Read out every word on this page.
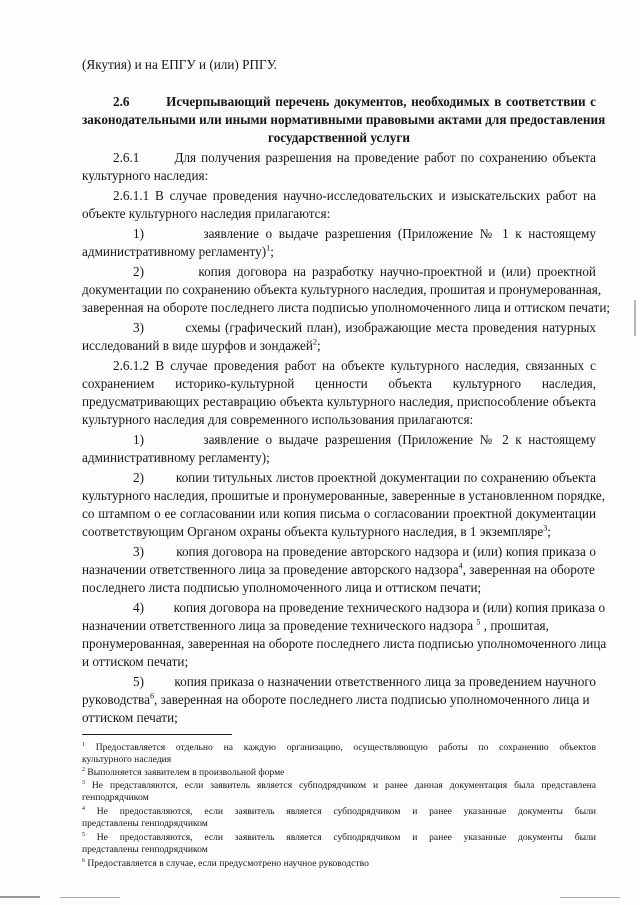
(Якутия) и на ЕПГУ и (или) РПГУ.
2.6        Исчерпывающий перечень документов, необходимых в соответствии с
законодательными или иными нормативными правовыми актами для предоставления
государственной услуги
2.6.1       Для получения разрешения на проведение работ по сохранению объекта
культурного наследия:
2.6.1.1 В случае проведения научно-исследовательских и изыскательских работ на
объекте культурного наследия прилагаются:
1)         заявление о выдаче разрешения (Приложение № 1 к настоящему
административному регламенту)$^1$;
2)         копия договора на разработку научно-проектной и (или) проектной
документации по сохранению объекта культурного наследия, прошитая и пронумерованная,
заверенная на обороте последнего листа подписью уполномоченного лица и оттиском печати;
3)         схемы (графический план), изображающие места проведения натурных
исследований в виде шурфов и зондажей$^2$;
2.6.1.2 В случае проведения работ на объекте культурного наследия, связанных с
сохранением историко-культурной ценности объекта культурного наследия,
предусматривающих реставрацию объекта культурного наследия, приспособление объекта
культурного наследия для современного использования прилагаются:
1)         заявление о выдаче разрешения (Приложение № 2 к настоящему
административному регламенту);
2)         копии титульных листов проектной документации по сохранению объекта
культурного наследия, прошитые и пронумерованные, заверенные в установленном порядке,
со штампом о ее согласовании или копия письма о согласовании проектной документации
соответствующим Органом охраны объекта культурного наследия, в 1 экземпляре$^3$;
3)         копия договора на проведение авторского надзора и (или) копия приказа о
назначении ответственного лица за проведение авторского надзора$^4$, заверенная на обороте
последнего листа подписью уполномоченного лица и оттиском печати;
4)         копия договора на проведение технического надзора и (или) копия приказа о
назначении ответственного лица за проведение технического надзора $^5$ , прошитая,
пронумерованная, заверенная на обороте последнего листа подписью уполномоченного лица
и оттиском печати;
5)         копия приказа о назначении ответственного лица за проведением научного
руководства$^6$, заверенная на обороте последнего листа подписью уполномоченного лица и
оттиском печати;
$^1$ Предоставляется отдельно на каждую организацию, осуществляющую работы по сохранению объектов
культурного наследия
$^2$ Выполняется заявителем в произвольной форме
$^3$ Не представляются, если заявитель является субподрядчиком и ранее данная документация была представлена
генподрядчиком
$^4$ Не предоставляются, если заявитель является субподрядчиком и ранее указанные документы были
представлены генподрядчиком
$^5$ Не предоставляются, если заявитель является субподрядчиком и ранее указанные документы были
представлены генподрядчиком
$^6$ Предоставляется в случае, если предусмотрено научное руководство
